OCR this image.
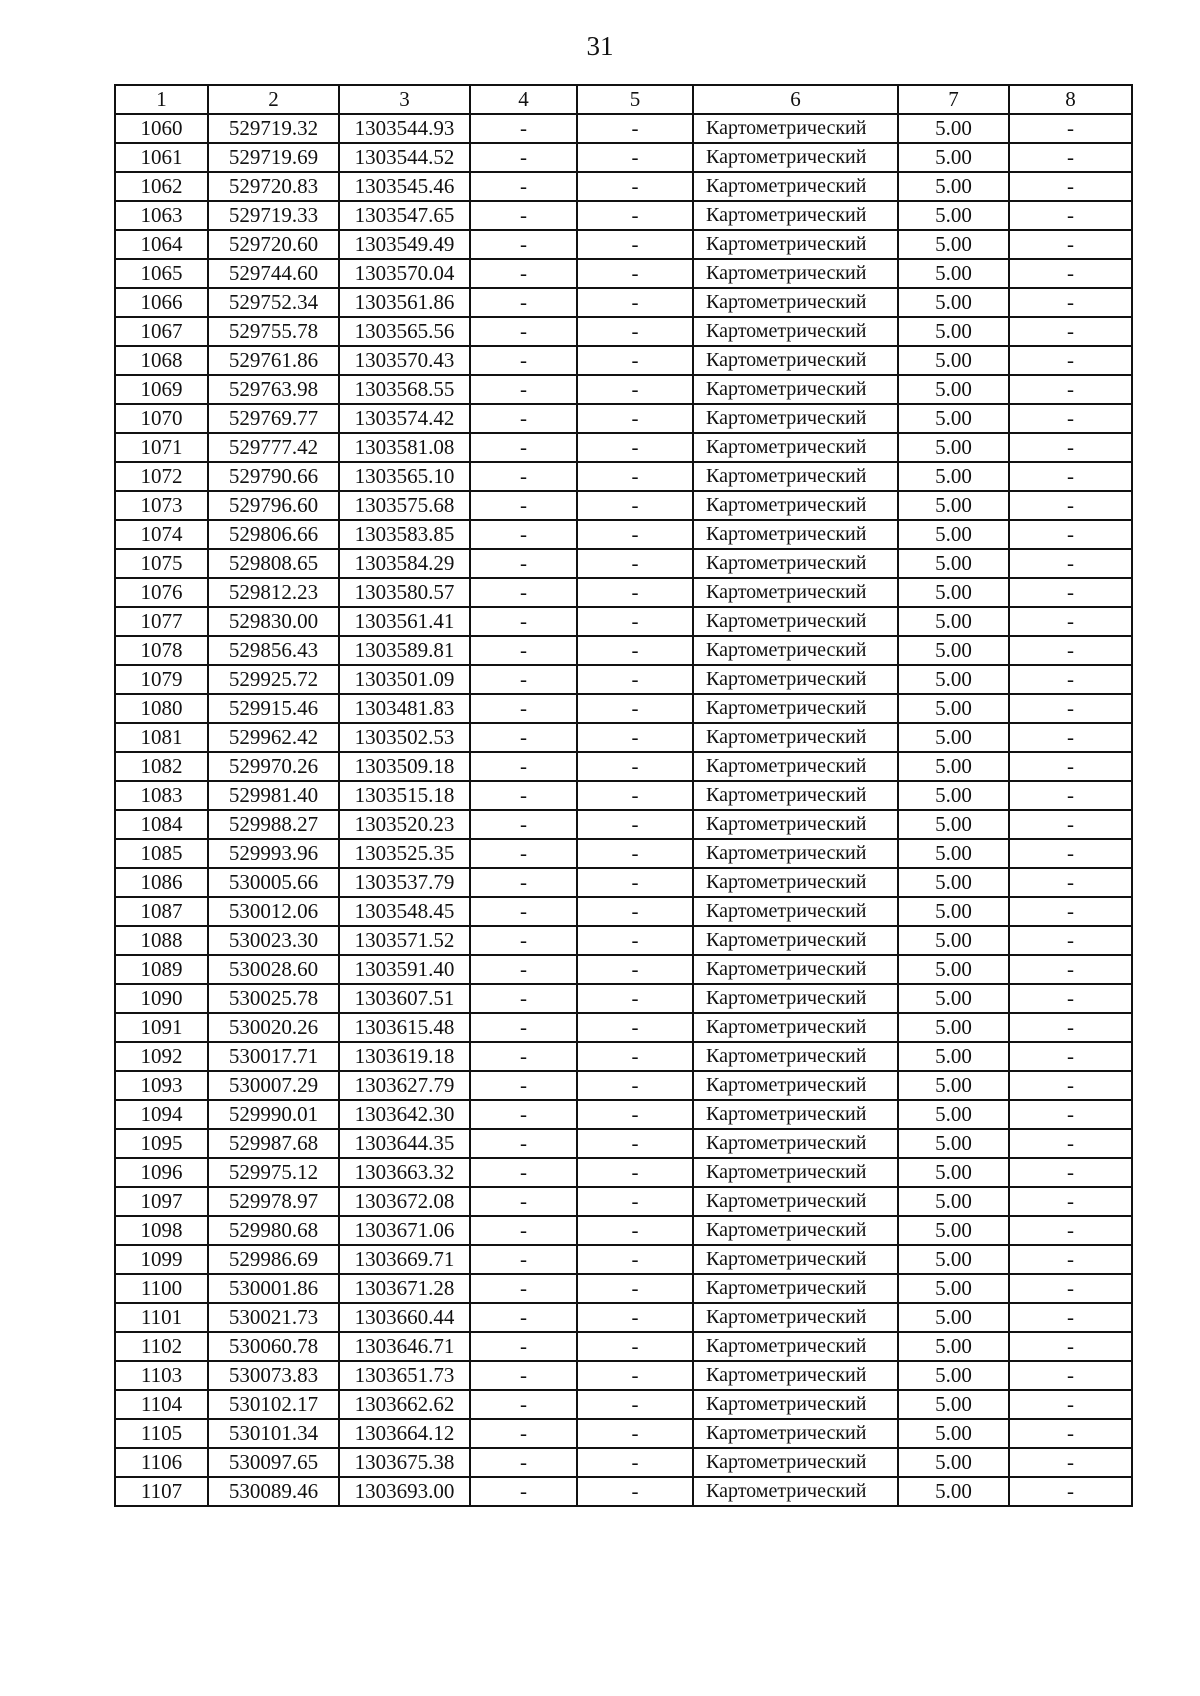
31
1	2	3	4	5	6	7	8
1060	529719.32	1303544.93	-	-	Картометрический	5.00	-
1061	529719.69	1303544.52	-	-	Картометрический	5.00	-
1062	529720.83	1303545.46	-	-	Картометрический	5.00	-
1063	529719.33	1303547.65	-	-	Картометрический	5.00	-
1064	529720.60	1303549.49	-	-	Картометрический	5.00	-
1065	529744.60	1303570.04	-	-	Картометрический	5.00	-
1066	529752.34	1303561.86	-	-	Картометрический	5.00	-
1067	529755.78	1303565.56	-	-	Картометрический	5.00	-
1068	529761.86	1303570.43	-	-	Картометрический	5.00	-
1069	529763.98	1303568.55	-	-	Картометрический	5.00	-
1070	529769.77	1303574.42	-	-	Картометрический	5.00	-
1071	529777.42	1303581.08	-	-	Картометрический	5.00	-
1072	529790.66	1303565.10	-	-	Картометрический	5.00	-
1073	529796.60	1303575.68	-	-	Картометрический	5.00	-
1074	529806.66	1303583.85	-	-	Картометрический	5.00	-
1075	529808.65	1303584.29	-	-	Картометрический	5.00	-
1076	529812.23	1303580.57	-	-	Картометрический	5.00	-
1077	529830.00	1303561.41	-	-	Картометрический	5.00	-
1078	529856.43	1303589.81	-	-	Картометрический	5.00	-
1079	529925.72	1303501.09	-	-	Картометрический	5.00	-
1080	529915.46	1303481.83	-	-	Картометрический	5.00	-
1081	529962.42	1303502.53	-	-	Картометрический	5.00	-
1082	529970.26	1303509.18	-	-	Картометрический	5.00	-
1083	529981.40	1303515.18	-	-	Картометрический	5.00	-
1084	529988.27	1303520.23	-	-	Картометрический	5.00	-
1085	529993.96	1303525.35	-	-	Картометрический	5.00	-
1086	530005.66	1303537.79	-	-	Картометрический	5.00	-
1087	530012.06	1303548.45	-	-	Картометрический	5.00	-
1088	530023.30	1303571.52	-	-	Картометрический	5.00	-
1089	530028.60	1303591.40	-	-	Картометрический	5.00	-
1090	530025.78	1303607.51	-	-	Картометрический	5.00	-
1091	530020.26	1303615.48	-	-	Картометрический	5.00	-
1092	530017.71	1303619.18	-	-	Картометрический	5.00	-
1093	530007.29	1303627.79	-	-	Картометрический	5.00	-
1094	529990.01	1303642.30	-	-	Картометрический	5.00	-
1095	529987.68	1303644.35	-	-	Картометрический	5.00	-
1096	529975.12	1303663.32	-	-	Картометрический	5.00	-
1097	529978.97	1303672.08	-	-	Картометрический	5.00	-
1098	529980.68	1303671.06	-	-	Картометрический	5.00	-
1099	529986.69	1303669.71	-	-	Картометрический	5.00	-
1100	530001.86	1303671.28	-	-	Картометрический	5.00	-
1101	530021.73	1303660.44	-	-	Картометрический	5.00	-
1102	530060.78	1303646.71	-	-	Картометрический	5.00	-
1103	530073.83	1303651.73	-	-	Картометрический	5.00	-
1104	530102.17	1303662.62	-	-	Картометрический	5.00	-
1105	530101.34	1303664.12	-	-	Картометрический	5.00	-
1106	530097.65	1303675.38	-	-	Картометрический	5.00	-
1107	530089.46	1303693.00	-	-	Картометрический	5.00	-
